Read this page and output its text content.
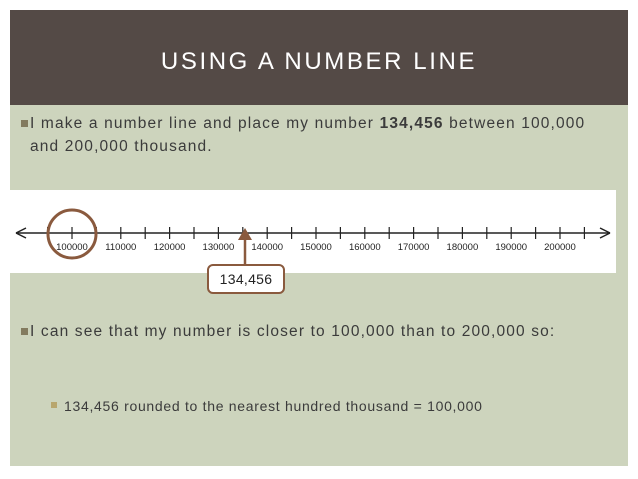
USING A NUMBER LINE
I make a number line and place my number 134,456 between 100,000 and 200,000 thousand.
100000 110000 120000 130000 140000 150000 160000 170000 180000 190000 200000
134,456
I can see that my number is closer to 100,000 than to 200,000 so:
134,456 rounded to the nearest hundred thousand = 100,000
